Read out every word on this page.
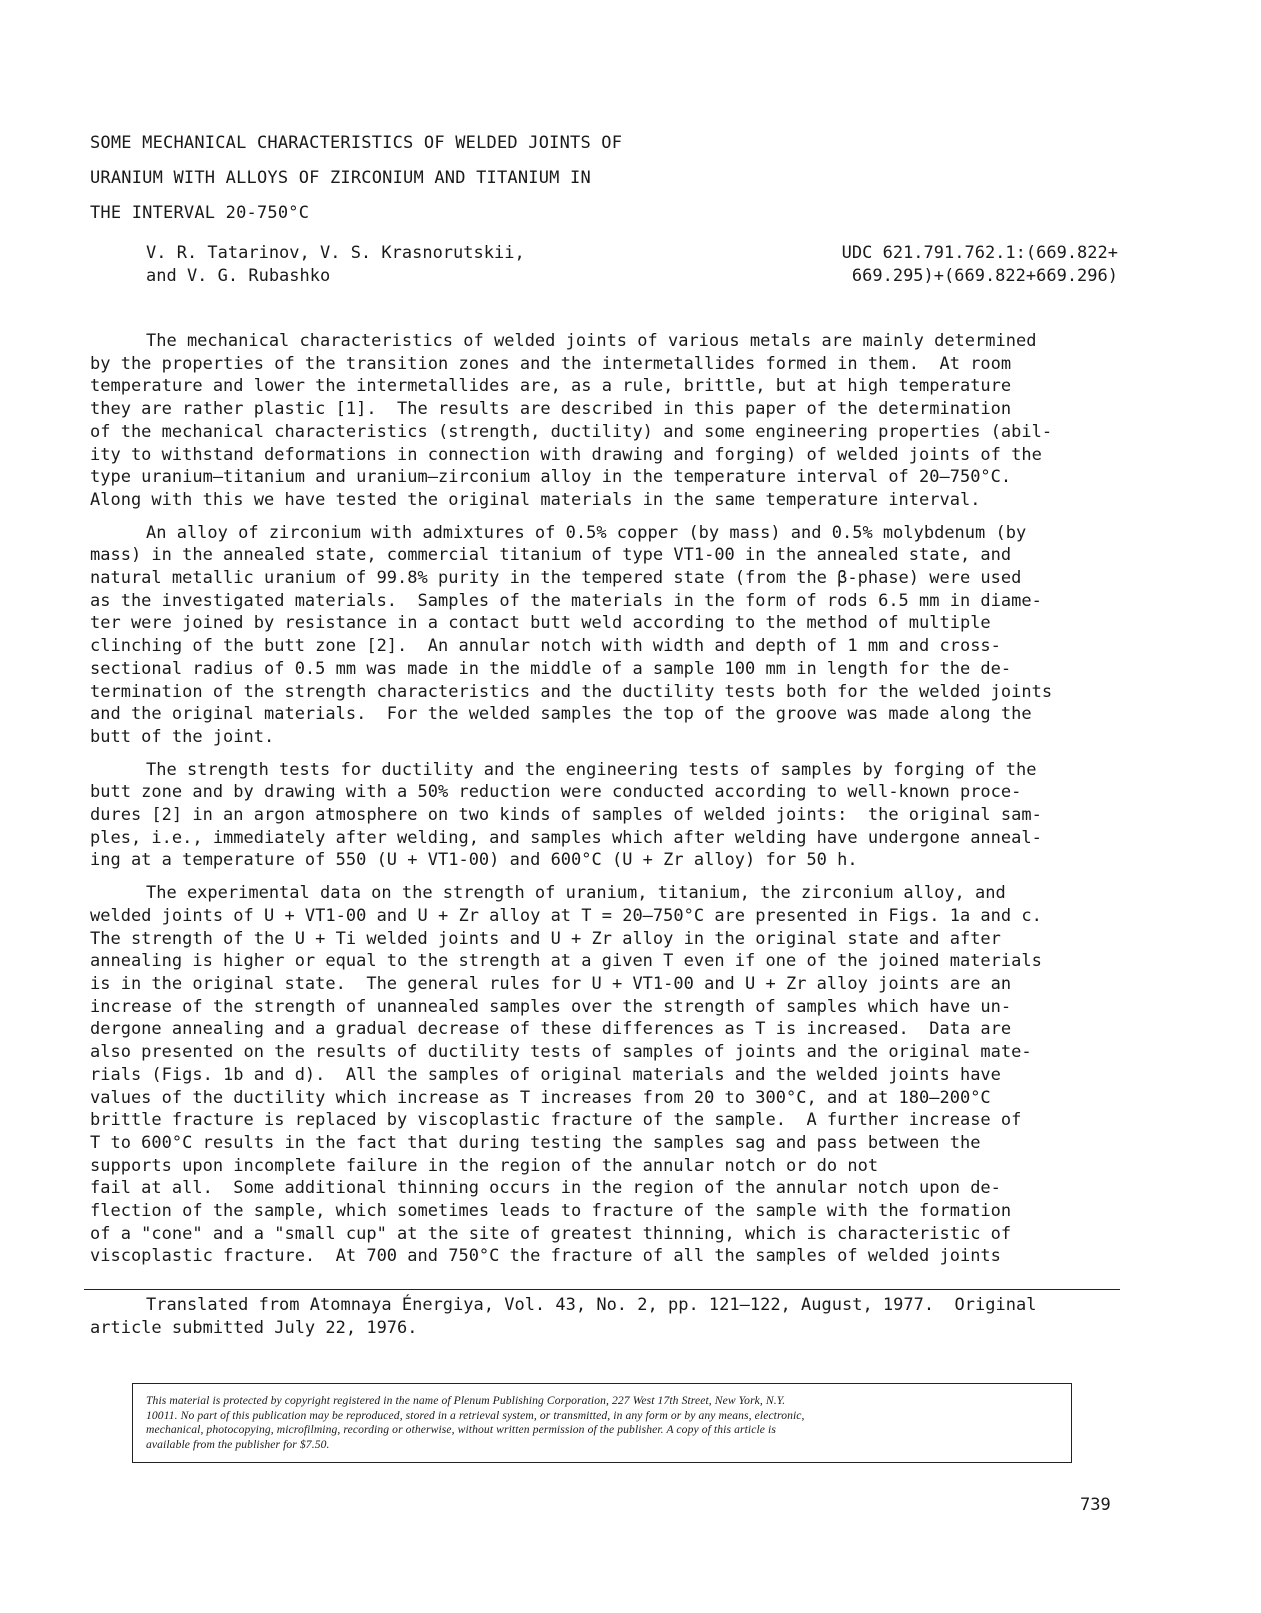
SOME MECHANICAL CHARACTERISTICS OF WELDED JOINTS OF
URANIUM WITH ALLOYS OF ZIRCONIUM AND TITANIUM IN
THE INTERVAL 20-750°C
V. R. Tatarinov, V. S. Krasnorutskii,
and V. G. Rubashko
UDC 621.791.762.1:(669.822+
669.295)+(669.822+669.296)
The mechanical characteristics of welded joints of various metals are mainly determined
by the properties of the transition zones and the intermetallides formed in them.  At room
temperature and lower the intermetallides are, as a rule, brittle, but at high temperature
they are rather plastic [1].  The results are described in this paper of the determination
of the mechanical characteristics (strength, ductility) and some engineering properties (abil-
ity to withstand deformations in connection with drawing and forging) of welded joints of the
type uranium—titanium and uranium—zirconium alloy in the temperature interval of 20–750°C.
Along with this we have tested the original materials in the same temperature interval.
An alloy of zirconium with admixtures of 0.5% copper (by mass) and 0.5% molybdenum (by
mass) in the annealed state, commercial titanium of type VT1-00 in the annealed state, and
natural metallic uranium of 99.8% purity in the tempered state (from the β-phase) were used
as the investigated materials.  Samples of the materials in the form of rods 6.5 mm in diame-
ter were joined by resistance in a contact butt weld according to the method of multiple
clinching of the butt zone [2].  An annular notch with width and depth of 1 mm and cross-
sectional radius of 0.5 mm was made in the middle of a sample 100 mm in length for the de-
termination of the strength characteristics and the ductility tests both for the welded joints
and the original materials.  For the welded samples the top of the groove was made along the
butt of the joint.
The strength tests for ductility and the engineering tests of samples by forging of the
butt zone and by drawing with a 50% reduction were conducted according to well-known proce-
dures [2] in an argon atmosphere on two kinds of samples of welded joints:  the original sam-
ples, i.e., immediately after welding, and samples which after welding have undergone anneal-
ing at a temperature of 550 (U + VT1-00) and 600°C (U + Zr alloy) for 50 h.
The experimental data on the strength of uranium, titanium, the zirconium alloy, and
welded joints of U + VT1-00 and U + Zr alloy at T = 20–750°C are presented in Figs. 1a and c.
The strength of the U + Ti welded joints and U + Zr alloy in the original state and after
annealing is higher or equal to the strength at a given T even if one of the joined materials
is in the original state.  The general rules for U + VT1-00 and U + Zr alloy joints are an
increase of the strength of unannealed samples over the strength of samples which have un-
dergone annealing and a gradual decrease of these differences as T is increased.  Data are
also presented on the results of ductility tests of samples of joints and the original mate-
rials (Figs. 1b and d).  All the samples of original materials and the welded joints have
values of the ductility which increase as T increases from 20 to 300°C, and at 180–200°C
brittle fracture is replaced by viscoplastic fracture of the sample.  A further increase of
T to 600°C results in the fact that during testing the samples sag and pass between the
supports upon incomplete failure in the region of the annular notch or do not
fail at all.  Some additional thinning occurs in the region of the annular notch upon de-
flection of the sample, which sometimes leads to fracture of the sample with the formation
of a "cone" and a "small cup" at the site of greatest thinning, which is characteristic of
viscoplastic fracture.  At 700 and 750°C the fracture of all the samples of welded joints
Translated from Atomnaya Énergiya, Vol. 43, No. 2, pp. 121–122, August, 1977.  Original
article submitted July 22, 1976.
This material is protected by copyright registered in the name of Plenum Publishing Corporation, 227 West 17th Street, New York, N.Y.
10011. No part of this publication may be reproduced, stored in a retrieval system, or transmitted, in any form or by any means, electronic,
mechanical, photocopying, microfilming, recording or otherwise, without written permission of the publisher. A copy of this article is
available from the publisher for $7.50.
739
